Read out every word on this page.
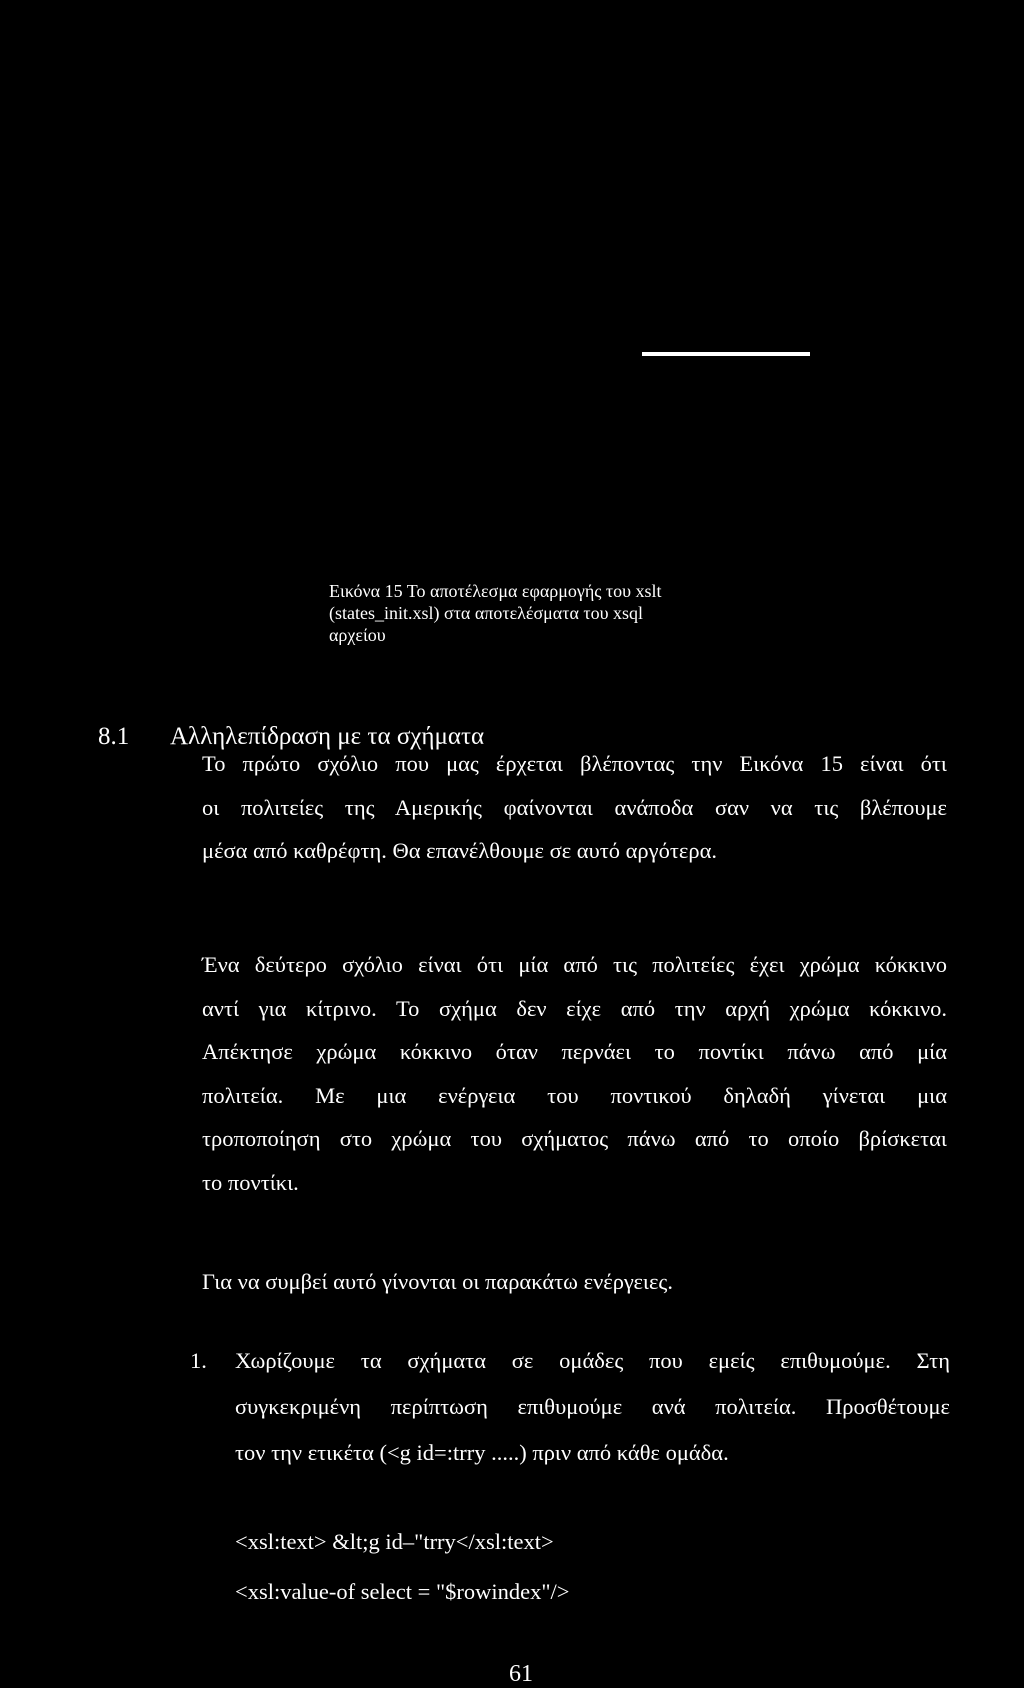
Εικόνα 15 Το αποτέλεσμα εφαρμογής του xslt
(states_init.xsl) στα αποτελέσματα του xsql
αρχείου
8.1 Αλληλεπίδραση με τα σχήματα
Το πρώτο σχόλιο που μας έρχεται βλέποντας την Εικόνα 15 είναι ότι
οι πολιτείες της Αμερικής φαίνονται ανάποδα σαν να τις βλέπουμε
μέσα από καθρέφτη. Θα επανέλθουμε σε αυτό αργότερα.
Ένα δεύτερο σχόλιο είναι ότι μία από τις πολιτείες έχει χρώμα κόκκινο
αντί για κίτρινο. Το σχήμα δεν είχε από την αρχή χρώμα κόκκινο.
Απέκτησε χρώμα κόκκινο όταν περνάει το ποντίκι πάνω από μία
πολιτεία. Με μια ενέργεια του ποντικού δηλαδή γίνεται μια
τροποποίηση στο χρώμα του σχήματος πάνω από το οποίο βρίσκεται
το ποντίκι.
Για να συμβεί αυτό γίνονται οι παρακάτω ενέργειες.
1. Χωρίζουμε τα σχήματα σε ομάδες που εμείς επιθυμούμε. Στη
συγκεκριμένη περίπτωση επιθυμούμε ανά πολιτεία. Προσθέτουμε
τον την ετικέτα (<g id=:trry .....) πριν από κάθε ομάδα.
<xsl:text> &lt;g id–"trry</xsl:text>
<xsl:value-of select = "$rowindex"/>
61
